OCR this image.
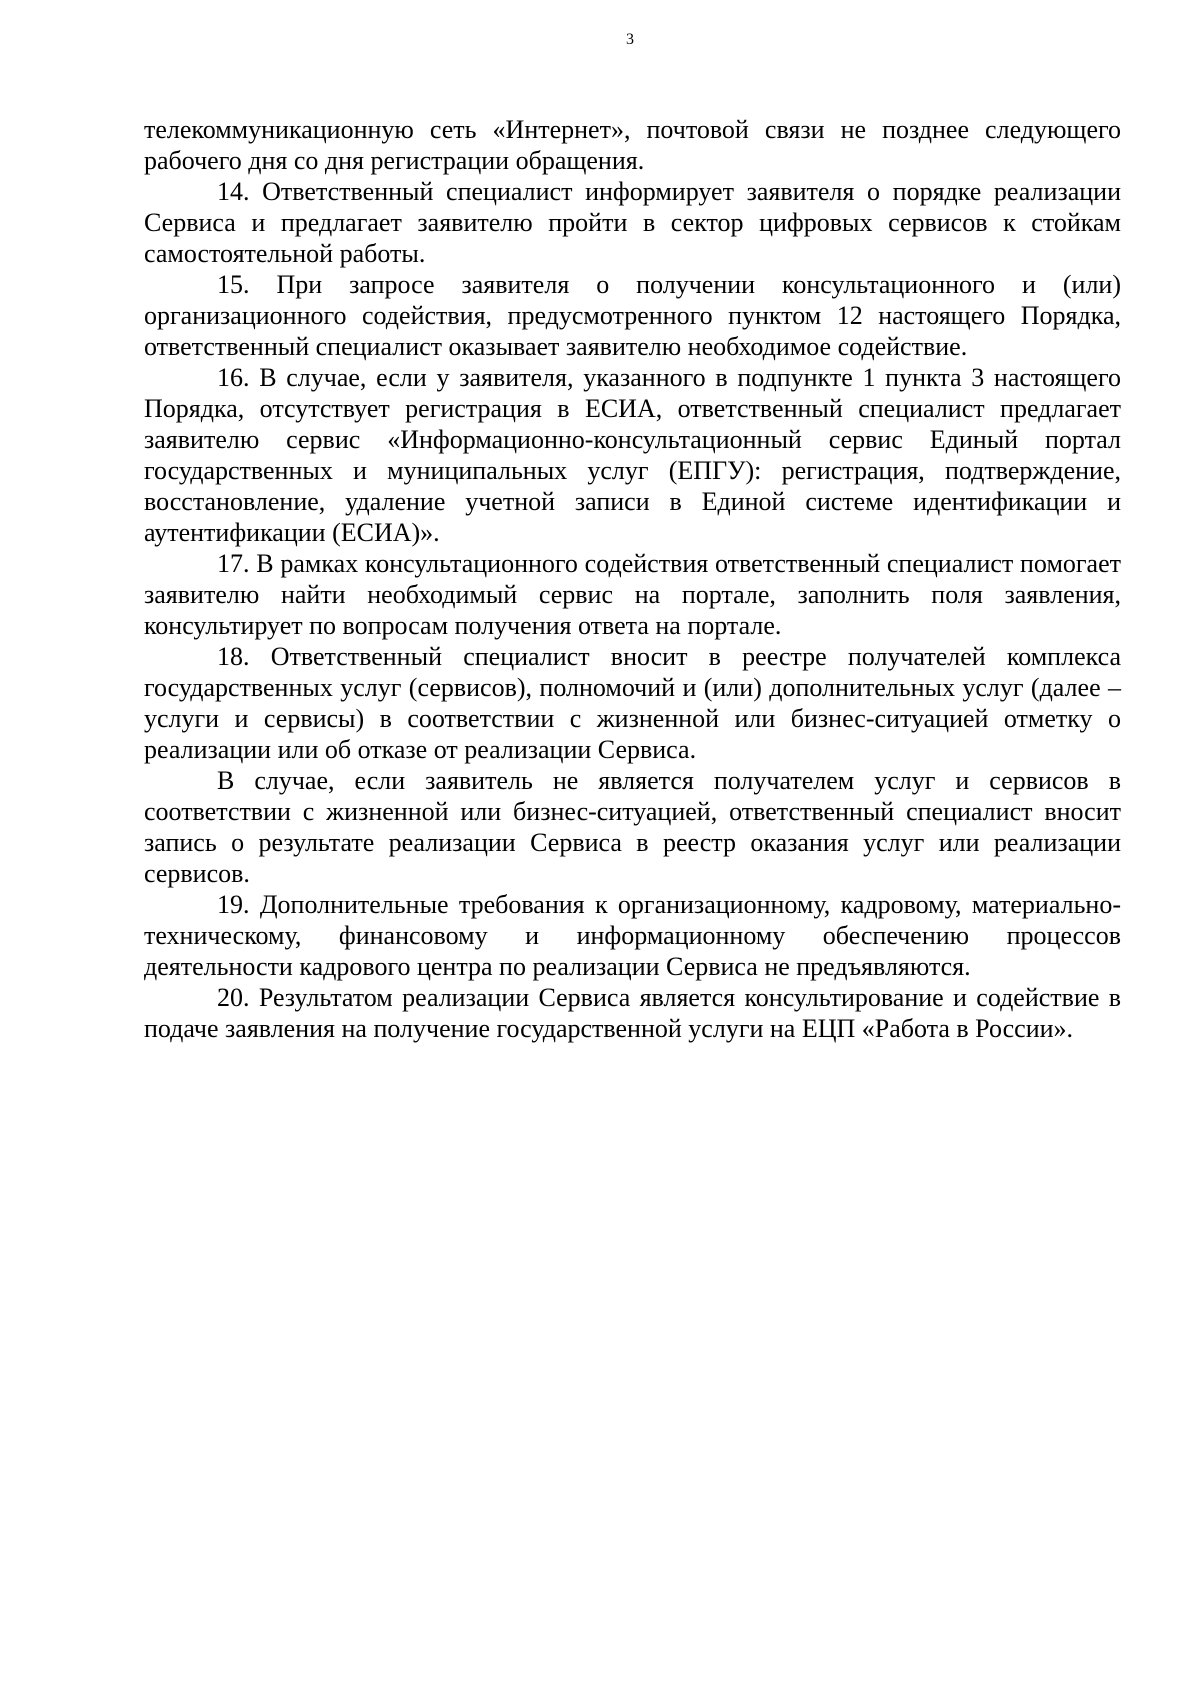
3

телекоммуникационную сеть «Интернет», почтовой связи не позднее следующего рабочего дня со дня регистрации обращения.

14. Ответственный специалист информирует заявителя о порядке реализации Сервиса и предлагает заявителю пройти в сектор цифровых сервисов к стойкам самостоятельной работы.

15. При запросе заявителя о получении консультационного и (или) организационного содействия, предусмотренного пунктом 12 настоящего Порядка, ответственный специалист оказывает заявителю необходимое содействие.

16. В случае, если у заявителя, указанного в подпункте 1 пункта 3 настоящего Порядка, отсутствует регистрация в ЕСИА, ответственный специалист предлагает заявителю сервис «Информационно-консультационный сервис Единый портал государственных и муниципальных услуг (ЕПГУ): регистрация, подтверждение, восстановление, удаление учетной записи в Единой системе идентификации и аутентификации (ЕСИА)».

17. В рамках консультационного содействия ответственный специалист помогает заявителю найти необходимый сервис на портале, заполнить поля заявления, консультирует по вопросам получения ответа на портале.

18. Ответственный специалист вносит в реестре получателей комплекса государственных услуг (сервисов), полномочий и (или) дополнительных услуг (далее – услуги и сервисы) в соответствии с жизненной или бизнес-ситуацией отметку о реализации или об отказе от реализации Сервиса.

В случае, если заявитель не является получателем услуг и сервисов в соответствии с жизненной или бизнес-ситуацией, ответственный специалист вносит запись о результате реализации Сервиса в реестр оказания услуг или реализации сервисов.

19. Дополнительные требования к организационному, кадровому, материально-техническому, финансовому и информационному обеспечению процессов деятельности кадрового центра по реализации Сервиса не предъявляются.

20. Результатом реализации Сервиса является консультирование и содействие в подаче заявления на получение государственной услуги на ЕЦП «Работа в России».
